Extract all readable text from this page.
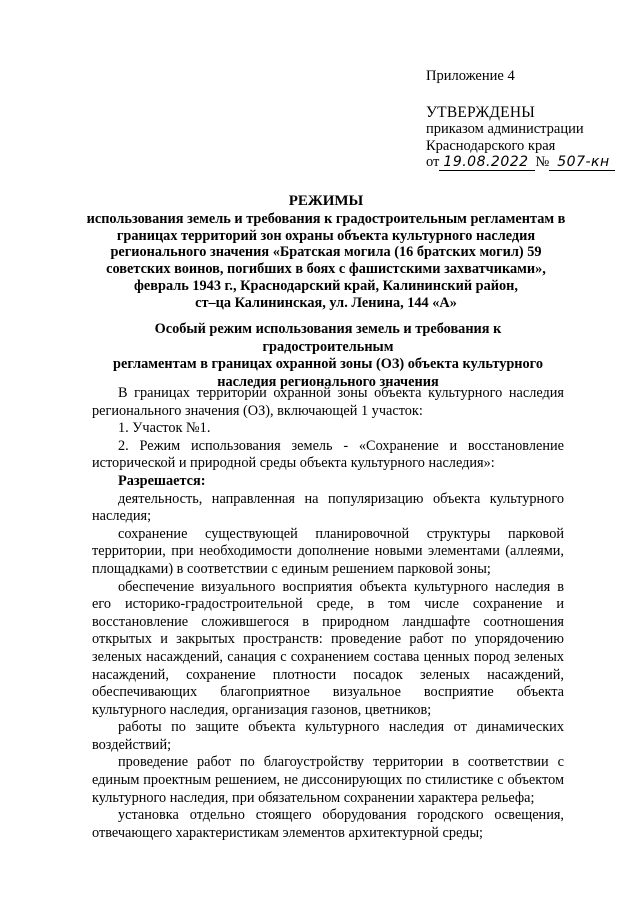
Приложение 4
УТВЕРЖДЕНЫ
приказом администрации
Краснодарского края
от 19.08.2022 № 507-кн
РЕЖИМЫ
использования земель и требования к градостроительным регламентам в
границах территорий зон охраны объекта культурного наследия
регионального значения «Братская могила (16 братских могил) 59
советских воинов, погибших в боях с фашистскими захватчиками»,
февраль 1943 г., Краснодарский край, Калининский район,
ст–ца Калининская, ул. Ленина, 144 «А»
Особый режим использования земель и требования к градостроительным
регламентам в границах охранной зоны (ОЗ) объекта культурного
наследия регионального значения

В границах территории охранной зоны объекта культурного наследия регионального значения (ОЗ), включающей 1 участок:

1. Участок №1.

2. Режим использования земель - «Сохранение и восстановление исторической и природной среды объекта культурного наследия»:

Разрешается:

деятельность, направленная на популяризацию объекта культурного наследия;

сохранение существующей планировочной структуры парковой территории, при необходимости дополнение новыми элементами (аллеями, площадками) в соответствии с единым решением парковой зоны;

обеспечение визуального восприятия объекта культурного наследия в его историко-градостроительной среде, в том числе сохранение и восстановление сложившегося в природном ландшафте соотношения открытых и закрытых пространств: проведение работ по упорядочению зеленых насаждений, санация с сохранением состава ценных пород зеленых насаждений, сохранение плотности посадок зеленых насаждений, обеспечивающих благоприятное визуальное восприятие объекта культурного наследия, организация газонов, цветников;

работы по защите объекта культурного наследия от динамических воздействий;

проведение работ по благоустройству территории в соответствии с единым проектным решением, не диссонирующих по стилистике с объектом культурного наследия, при обязательном сохранении характера рельефа;

установка отдельно стоящего оборудования городского освещения, отвечающего характеристикам элементов архитектурной среды;
